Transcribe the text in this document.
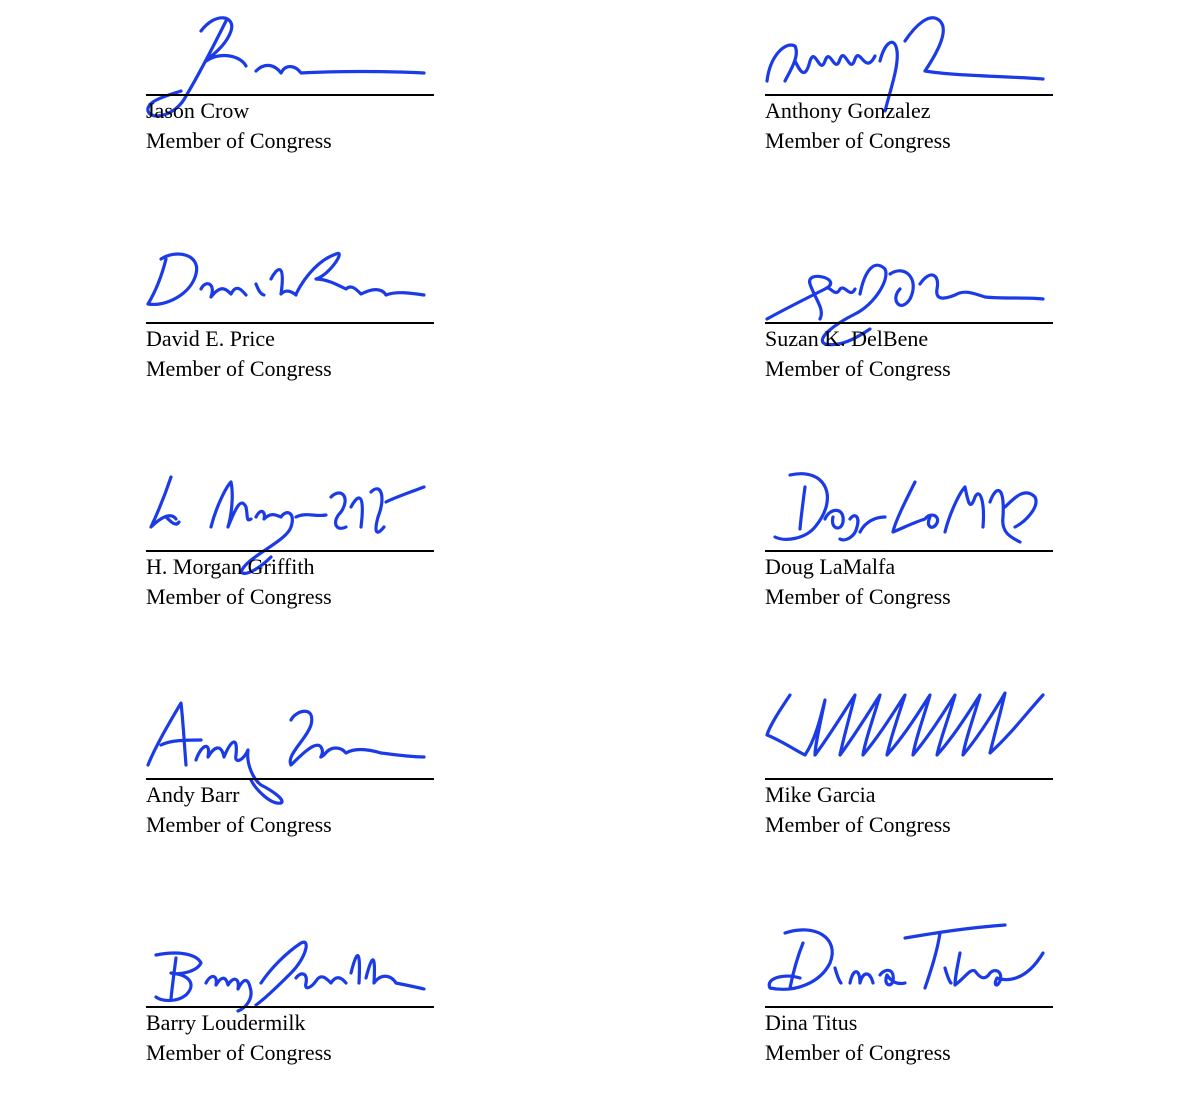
Jason Crow
Member of Congress
Anthony Gonzalez
Member of Congress
David E. Price
Member of Congress
Suzan K. DelBene
Member of Congress
H. Morgan Griffith
Member of Congress
Doug LaMalfa
Member of Congress
Andy Barr
Member of Congress
Mike Garcia
Member of Congress
Barry Loudermilk
Member of Congress
Dina Titus
Member of Congress
